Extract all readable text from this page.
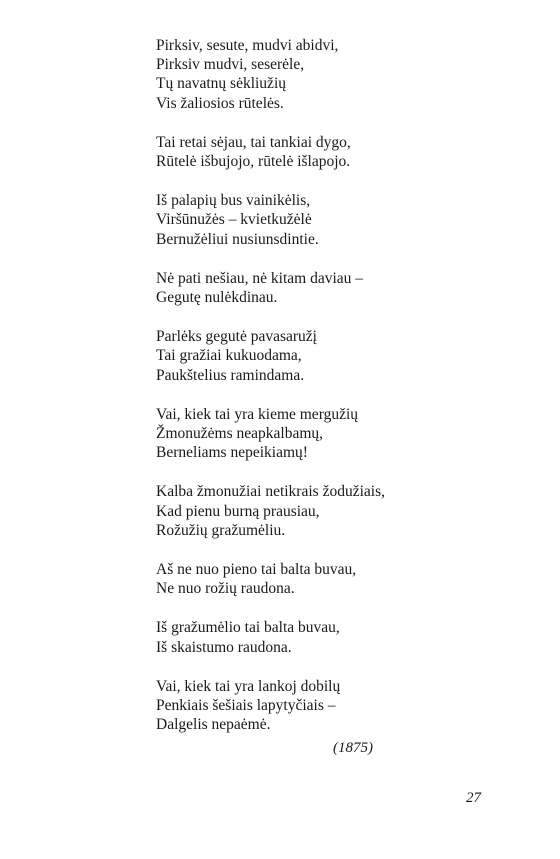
Pirksiv, sesute, mudvi abidvi,
Pirksiv mudvi, seserėle,
Tų navatnų sėkliužių
Vis žaliosios rūtelės.
Tai retai sėjau, tai tankiai dygo,
Rūtelė išbujojo, rūtelė išlapojo.
Iš palapių bus vainikėlis,
Viršūnužės – kvietkužėlė
Bernužėliui nusiunsdintie.
Nė pati nešiau, nė kitam daviau –
Gegutę nulėkdinau.
Parlėks gegutė pavasaružį
Tai gražiai kukuodama,
Paukštelius ramindama.
Vai, kiek tai yra kieme mergužių
Žmonužėms neapkalbamų,
Berneliams nepeikiamų!
Kalba žmonužiai netikrais žodužiais,
Kad pienu burną prausiau,
Rožužių gražumėliu.
Aš ne nuo pieno tai balta buvau,
Ne nuo rožių raudona.
Iš gražumėlio tai balta buvau,
Iš skaistumo raudona.
Vai, kiek tai yra lankoj dobilų
Penkiais šešiais lapytyčiais –
Dalgelis nepaėmė.
(1875)
27
